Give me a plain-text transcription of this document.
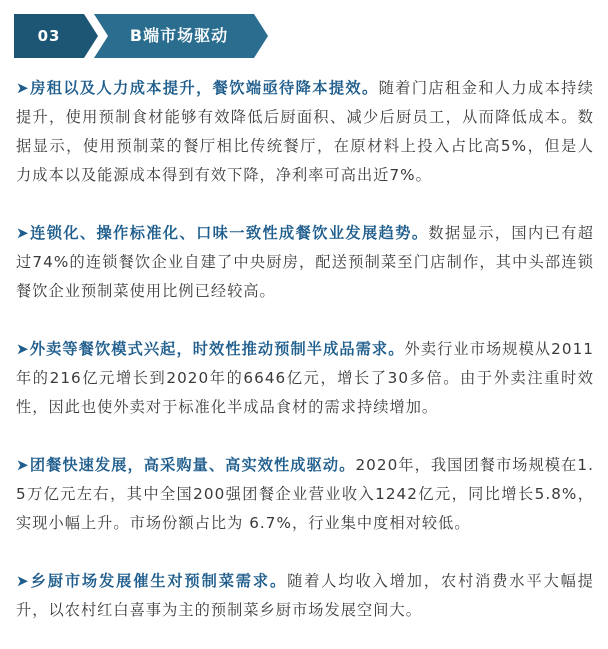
03	B端市场驱动

➤房租以及人力成本提升，餐饮端亟待降本提效。随着门店租金和人力成本持续提升，使用预制食材能够有效降低后厨面积、减少后厨员工，从而降低成本。数据显示，使用预制菜的餐厅相比传统餐厅，在原材料上投入占比高5%，但是人力成本以及能源成本得到有效下降，净利率可高出近7%。

➤连锁化、操作标准化、口味一致性成餐饮业发展趋势。数据显示，国内已有超过74%的连锁餐饮企业自建了中央厨房，配送预制菜至门店制作，其中头部连锁餐饮企业预制菜使用比例已经较高。

➤外卖等餐饮模式兴起，时效性推动预制半成品需求。外卖行业市场规模从2011年的216亿元增长到2020年的6646亿元，增长了30多倍。由于外卖注重时效性，因此也使外卖对于标准化半成品食材的需求持续增加。

➤团餐快速发展，高采购量、高实效性成驱动。2020年，我国团餐市场规模在1.5万亿元左右，其中全国200强团餐企业营业收入1242亿元，同比增长5.8%，实现小幅上升。市场份额占比为 6.7%，行业集中度相对较低。

➤乡厨市场发展催生对预制菜需求。随着人均收入增加，农村消费水平大幅提升，以农村红白喜事为主的预制菜乡厨市场发展空间大。
